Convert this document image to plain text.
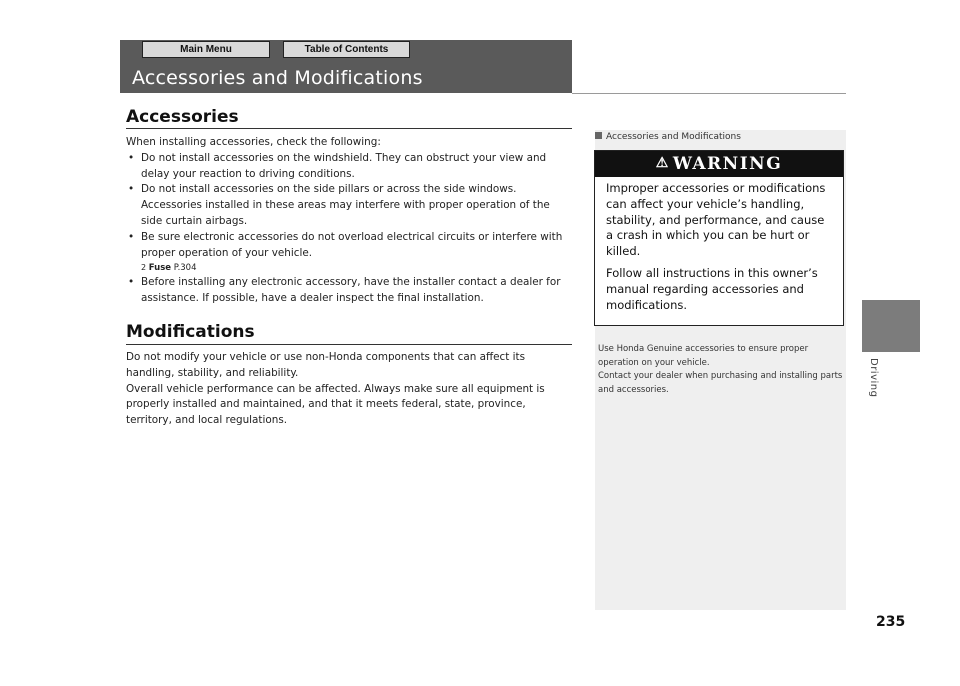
Main Menu	Table of Contents
Accessories and Modifications
Accessories
When installing accessories, check the following:
• Do not install accessories on the windshield. They can obstruct your view and delay your reaction to driving conditions.
• Do not install accessories on the side pillars or across the side windows. Accessories installed in these areas may interfere with proper operation of the side curtain airbags.
• Be sure electronic accessories do not overload electrical circuits or interfere with proper operation of your vehicle.
2 Fuse P.304
• Before installing any electronic accessory, have the installer contact a dealer for assistance. If possible, have a dealer inspect the final installation.
Modifications
Do not modify your vehicle or use non-Honda components that can affect its handling, stability, and reliability.
Overall vehicle performance can be affected. Always make sure all equipment is properly installed and maintained, and that it meets federal, state, province, territory, and local regulations.
Accessories and Modifications
⚠ WARNING

Improper accessories or modifications can affect your vehicle’s handling, stability, and performance, and cause a crash in which you can be hurt or killed.

Follow all instructions in this owner’s manual regarding accessories and modifications.

Use Honda Genuine accessories to ensure proper operation on your vehicle.
Contact your dealer when purchasing and installing parts and accessories.	Driving
235
